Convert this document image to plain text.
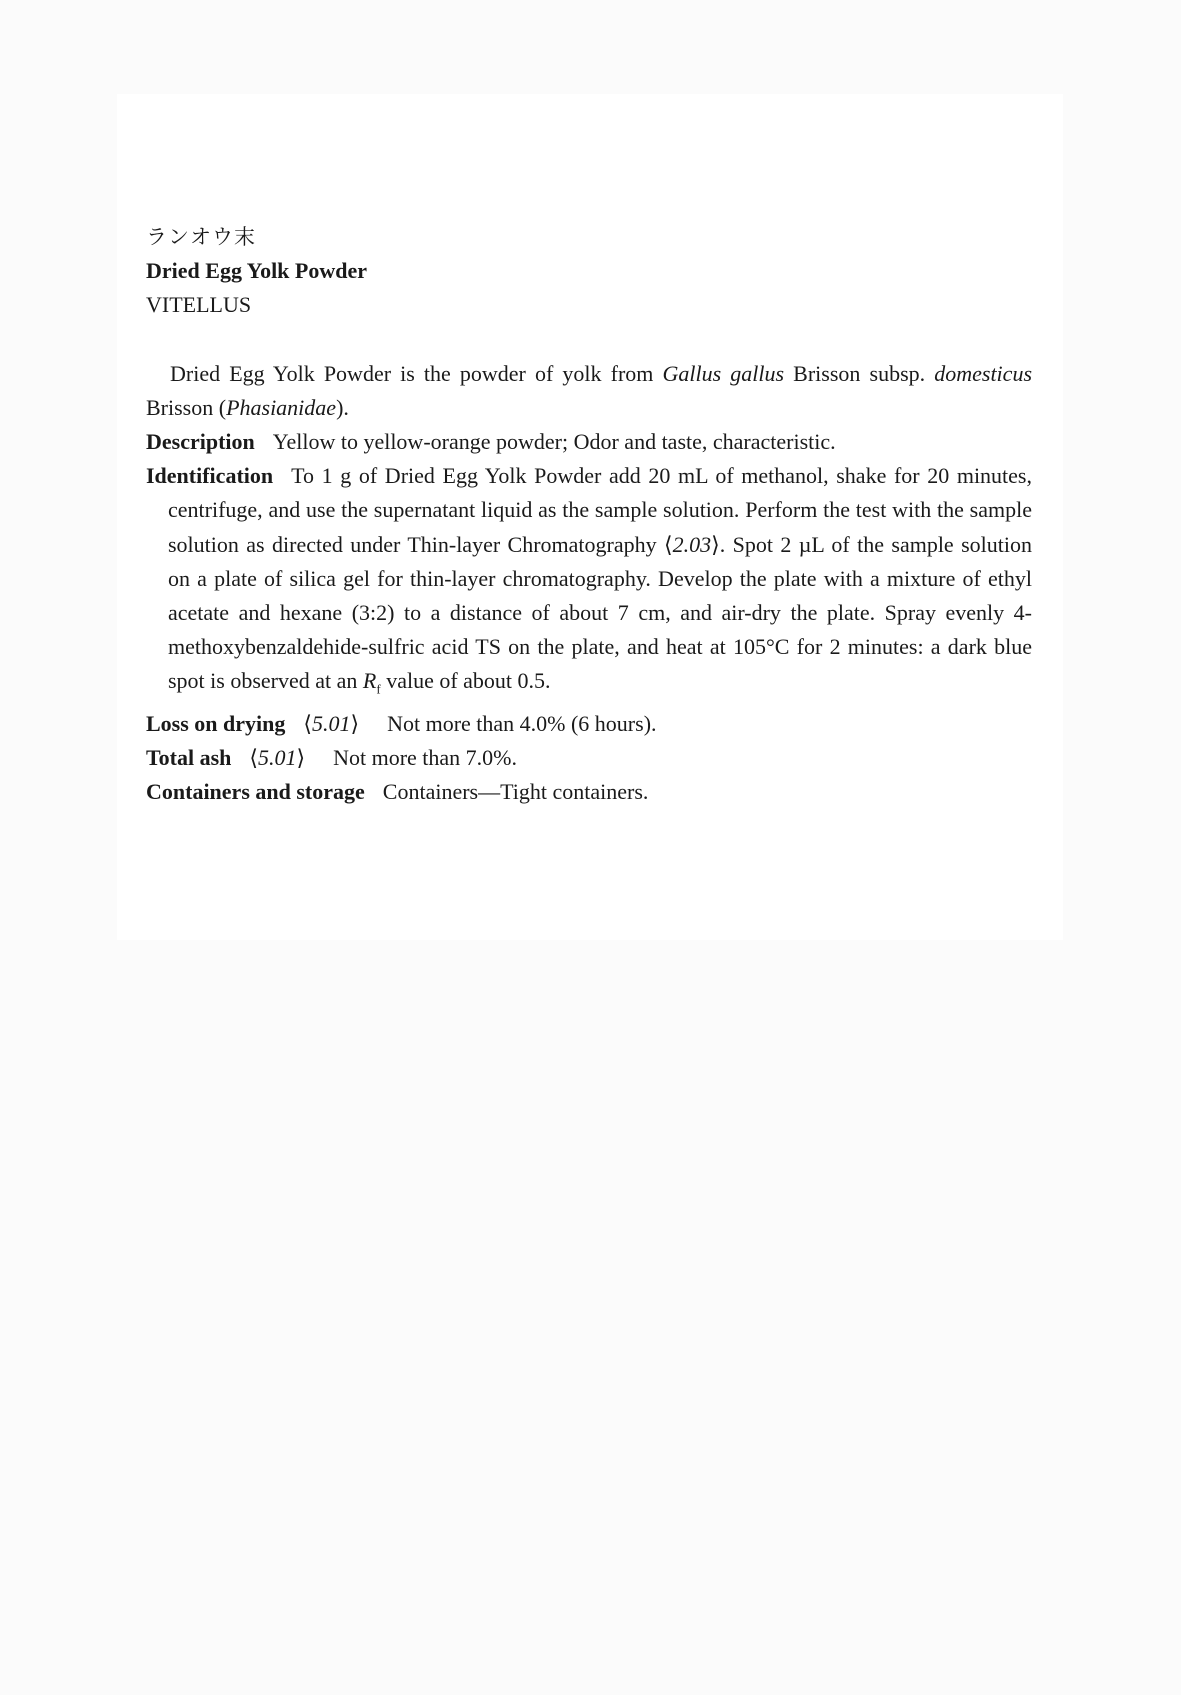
ランオウ末
Dried Egg Yolk Powder
VITELLUS
Dried Egg Yolk Powder is the powder of yolk from Gallus gallus Brisson subsp. domesticus Brisson (Phasianidae).
Description Yellow to yellow-orange powder; Odor and taste, characteristic.
Identification To 1 g of Dried Egg Yolk Powder add 20 mL of methanol, shake for 20 minutes, centrifuge, and use the supernatant liquid as the sample solution. Perform the test with the sample solution as directed under Thin-layer Chromatography ⟨2.03⟩. Spot 2 µL of the sample solution on a plate of silica gel for thin-layer chromatography. Develop the plate with a mixture of ethyl acetate and hexane (3:2) to a distance of about 7 cm, and air-dry the plate. Spray evenly 4-methoxybenzaldehide-sulfric acid TS on the plate, and heat at 105°C for 2 minutes: a dark blue spot is observed at an $R_f$ value of about 0.5.
Loss on drying ⟨5.01⟩ Not more than 4.0% (6 hours).
Total ash ⟨5.01⟩ Not more than 7.0%.
Containers and storage Containers—Tight containers.
